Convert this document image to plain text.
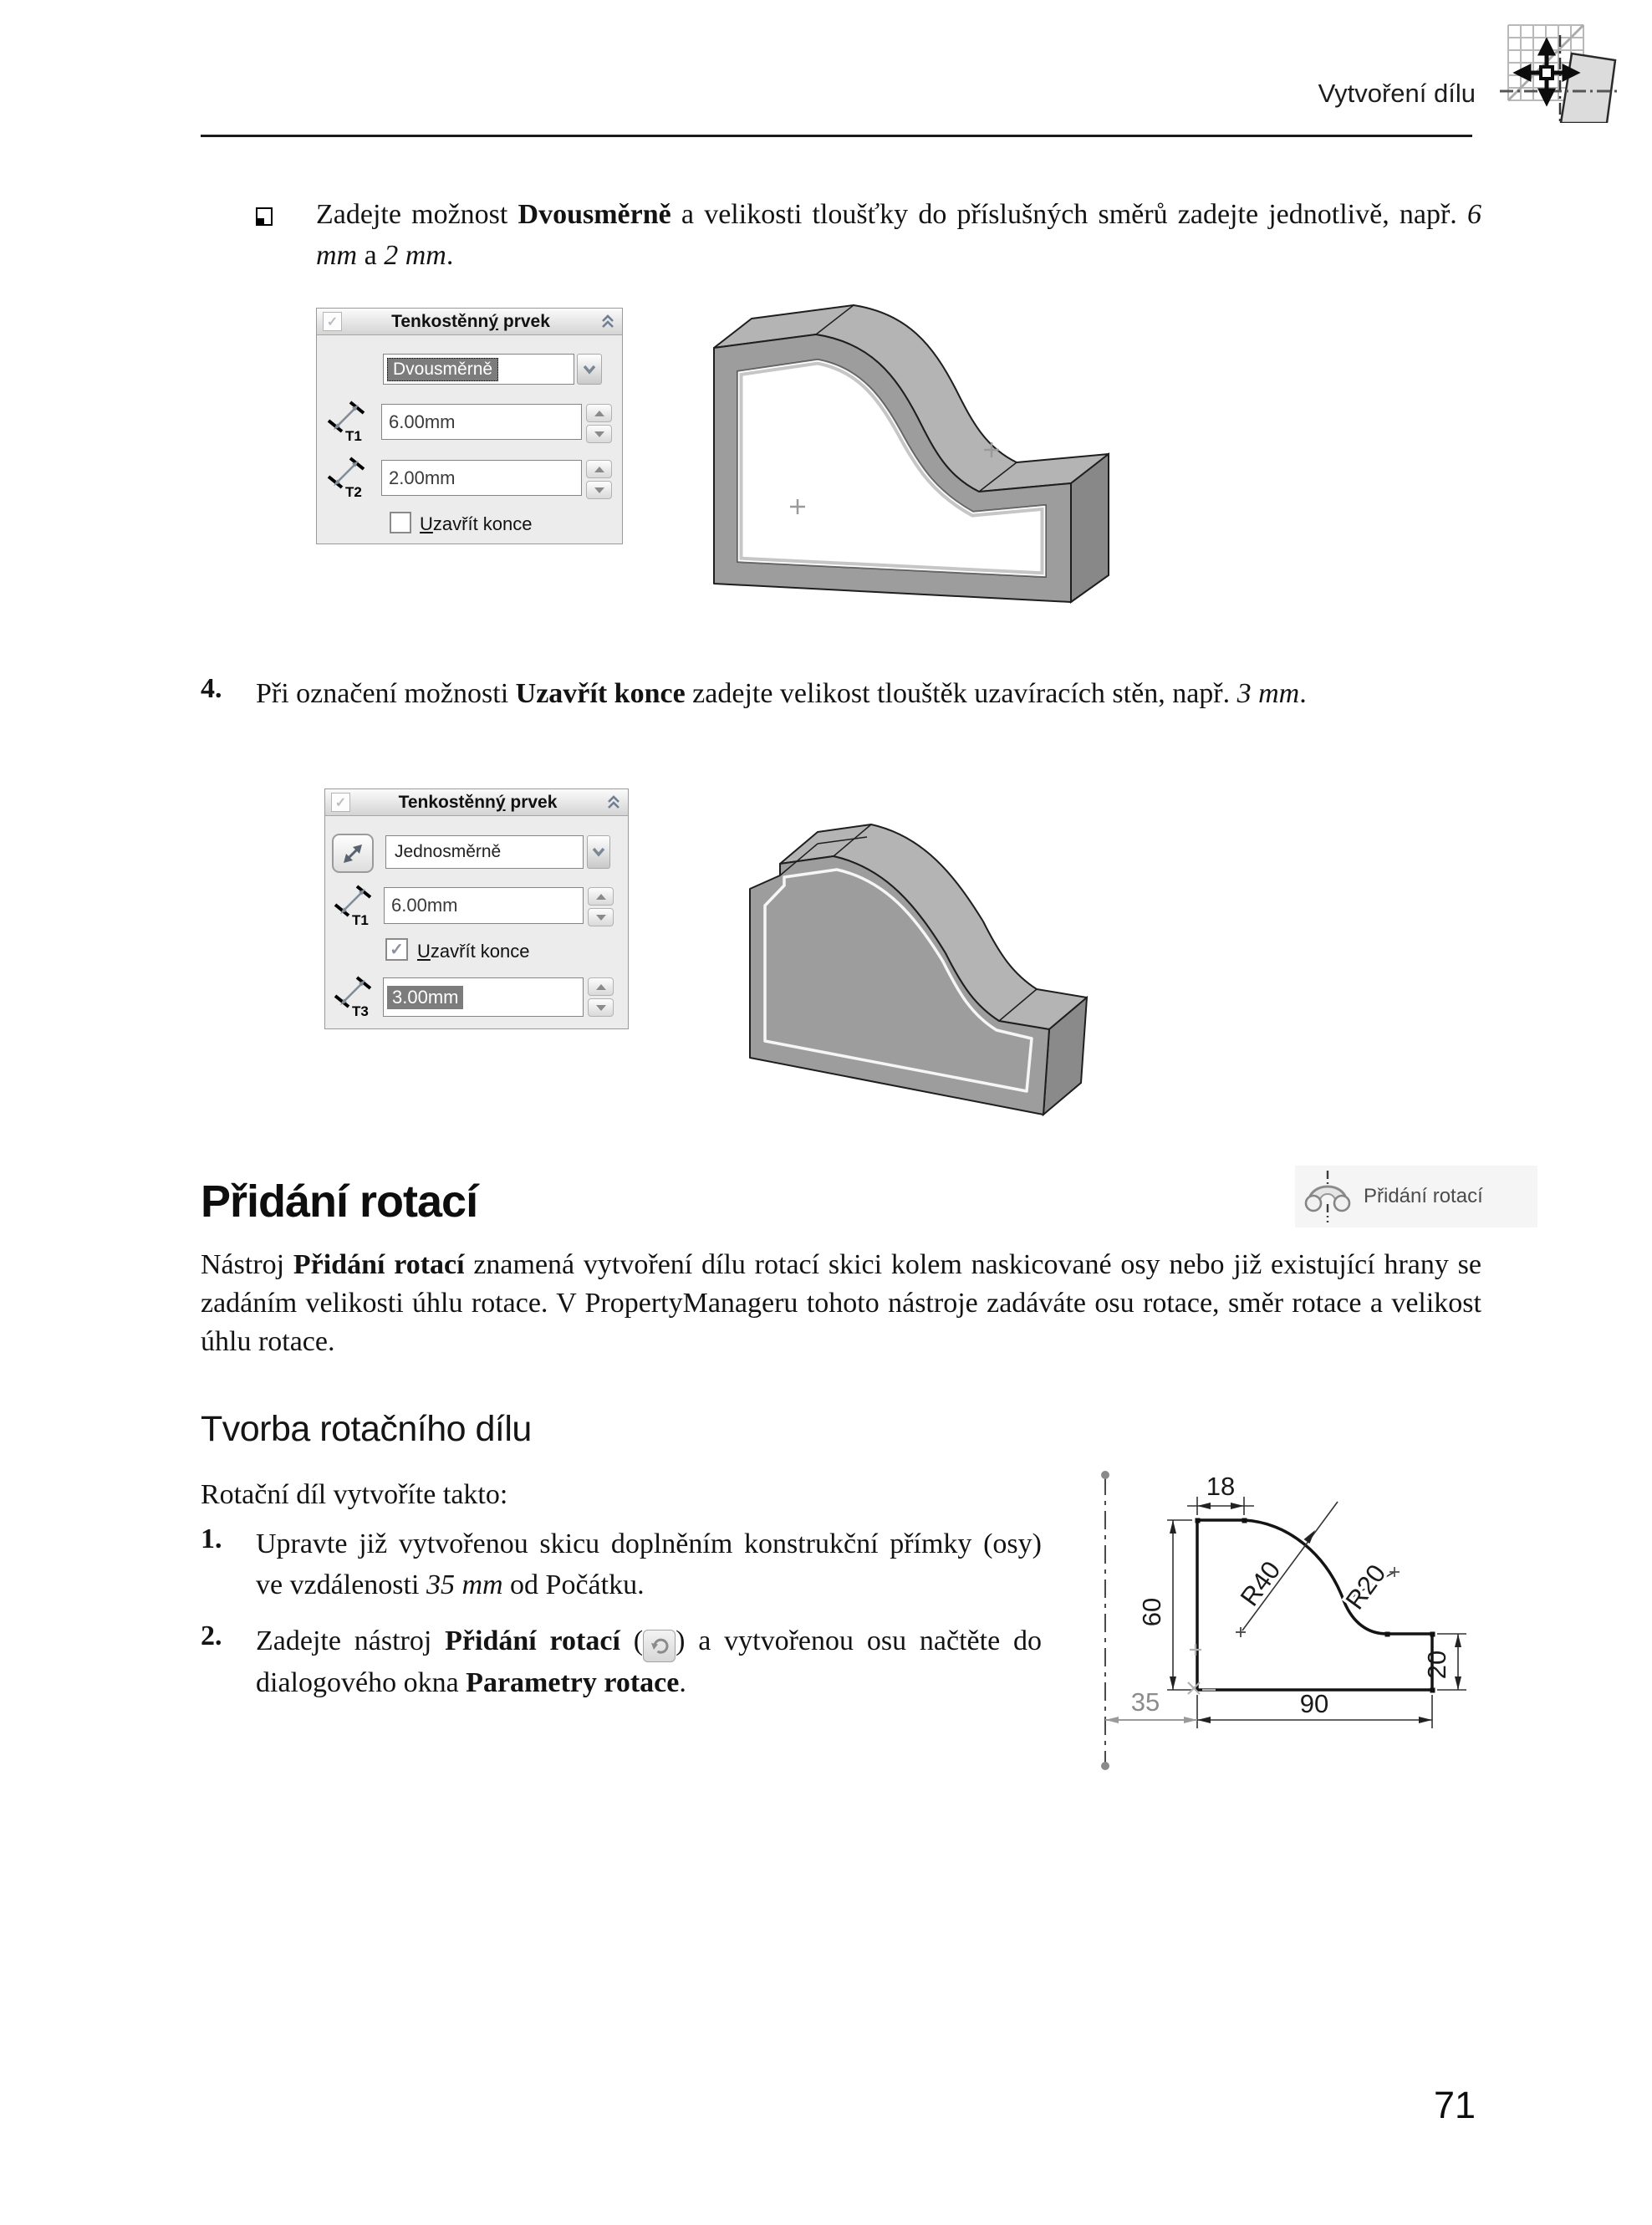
Vytvoření dílu
Zadejte možnost Dvousměrně a velikosti tloušťky do příslušných směrů zadejte jednotlivě, např. 6 mm a 2 mm.
✓	Tenkostěnný prvek
Dvousměrně
T1
6.00mm
T2
2.00mm
Uzavřít konce
4. Při označení možnosti Uzavřít konce zadejte velikost tlouštěk uzavíracích stěn, např. 3 mm.
✓	Tenkostěnný prvek
Jednosměrně
T1
6.00mm
✓ Uzavřít konce
T3
3.00mm
Přidání rotací	Přidání rotací
Nástroj Přidání rotací znamená vytvoření dílu rotací skici kolem naskicované osy nebo již existující hrany se zadáním velikosti úhlu rotace. V PropertyManageru tohoto nástroje zadáváte osu rotace, směr rotace a velikost úhlu rotace.
Tvorba rotačního dílu
Rotační díl vytvoříte takto:
1. Upravte již vytvořenou skicu doplněním konstrukční přímky (osy) ve vzdálenosti 35 mm od Počátku.
2. Zadejte nástroj Přidání rotací ( ) a vytvořenou osu načtěte do dialogového okna Parametry rotace.
18
60
20
90
35
R40 R20
71
